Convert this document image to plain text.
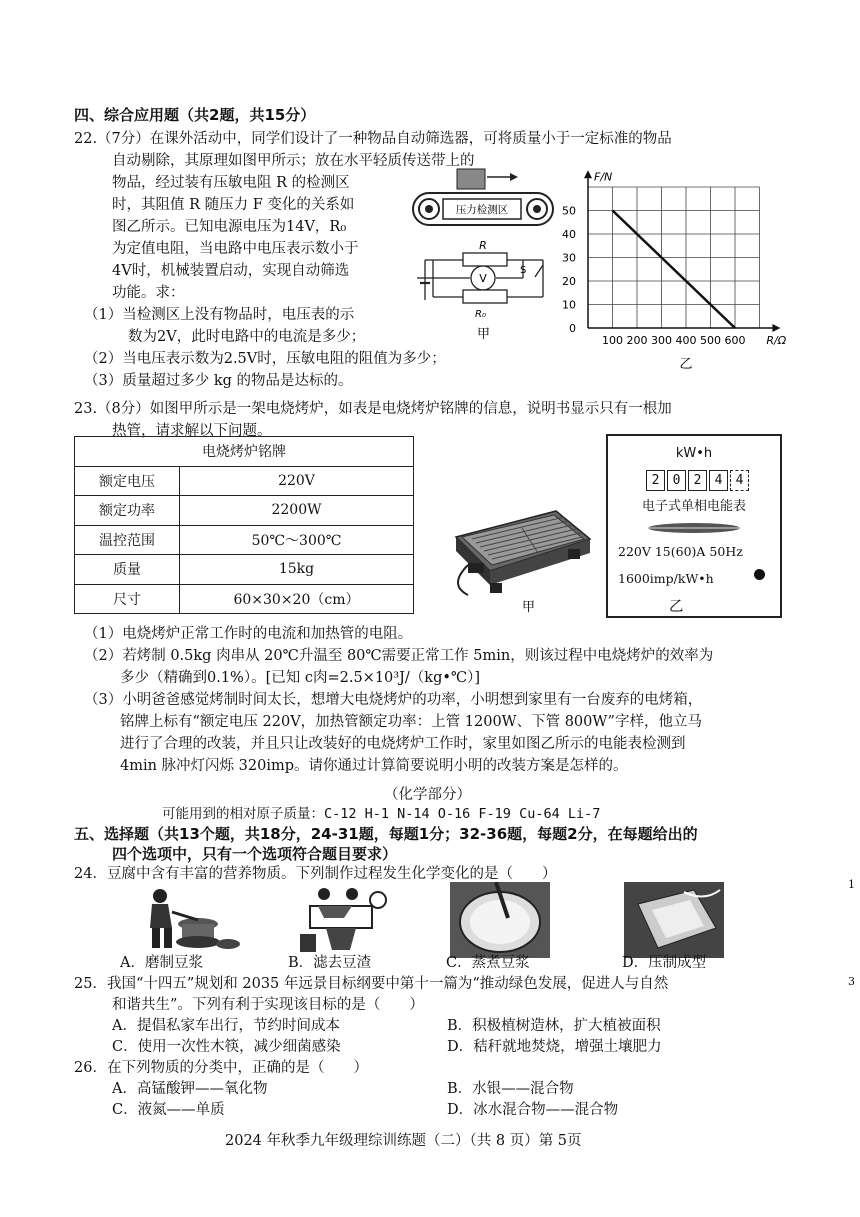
四、综合应用题（共2题，共15分）
22.（7分）在课外活动中，同学们设计了一种物品自动筛选器，可将质量小于一定标准的物品
自动剔除，其原理如图甲所示；放在水平轻质传送带上的
物品，经过装有压敏电阻 R 的检测区
时，其阻值 R 随压力 F 变化的关系如
图乙所示。已知电源电压为14V，R₀
为定值电阻，当电路中电压表示数小于
4V时，机械装置启动，实现自动筛选
功能。求：
（1）当检测区上没有物品时，电压表的示
数为2V，此时电路中的电流是多少；
（2）当电压表示数为2.5V时，压敏电阻的阻值为多少；
（3）质量超过多少 kg 的物品是达标的。
压力检测区
R
V
S
R₀
甲	100 200 300 400 500 600
0
10
20
30
40
50
F/N
R/Ω
乙
23.（8分）如图甲所示是一架电烧烤炉，如表是电烧烤炉铭牌的信息，说明书显示只有一根加
热管，请求解以下问题。
电烧烤炉铭牌	
额定电压	220V
额定功率	2200W
温控范围	50℃～300℃
质量	15kg
尺寸	60×30×20（cm）	甲
kW•h
2	0	2	4	4
电子式单相电能表
220V 15(60)A 50Hz
1600imp/kW•h
乙
（1）电烧烤炉正常工作时的电流和加热管的电阻。
（2）若烤制 0.5kg 肉串从 20℃升温至 80℃需要正常工作 5min，则该过程中电烧烤炉的效率为
多少（精确到0.1%）。[已知 c肉=2.5×10³J/（kg•℃）]
（3）小明爸爸感觉烤制时间太长，想增大电烧烤炉的功率，小明想到家里有一台废弃的电烤箱，
铭牌上标有“额定电压 220V，加热管额定功率：上管 1200W、下管 800W”字样，他立马
进行了合理的改装，并且只让改装好的电烧烤炉工作时，家里如图乙所示的电能表检测到
4min 脉冲灯闪烁 320imp。请你通过计算简要说明小明的改装方案是怎样的。
（化学部分）
可能用到的相对原子质量：C-12 H-1 N-14 O-16 F-19 Cu-64 Li-7
五、选择题（共13个题，共18分，24-31题，每题1分；32-36题，每题2分，在每题给出的
四个选项中，只有一个选项符合题目要求）
24．豆腐中含有丰富的营养物质。下列制作过程发生化学变化的是（　　）
A．磨制豆浆	B．滤去豆渣	C．蒸煮豆浆	D．压制成型
25．我国“十四五”规划和 2035 年远景目标纲要中第十一篇为“推动绿色发展，促进人与自然
和谐共生”。下列有利于实现该目标的是（　　）
A．提倡私家车出行，节约时间成本	B．积极植树造林，扩大植被面积
C．使用一次性木筷，减少细菌感染	D．秸秆就地焚烧，增强土壤肥力
26．在下列物质的分类中，正确的是（　　）
A．高锰酸钾——氧化物	B．水银——混合物
C．液氮——单质	D．冰水混合物——混合物
2024 年秋季九年级理综训练题（二）（共 8 页）第 5页
1
3
